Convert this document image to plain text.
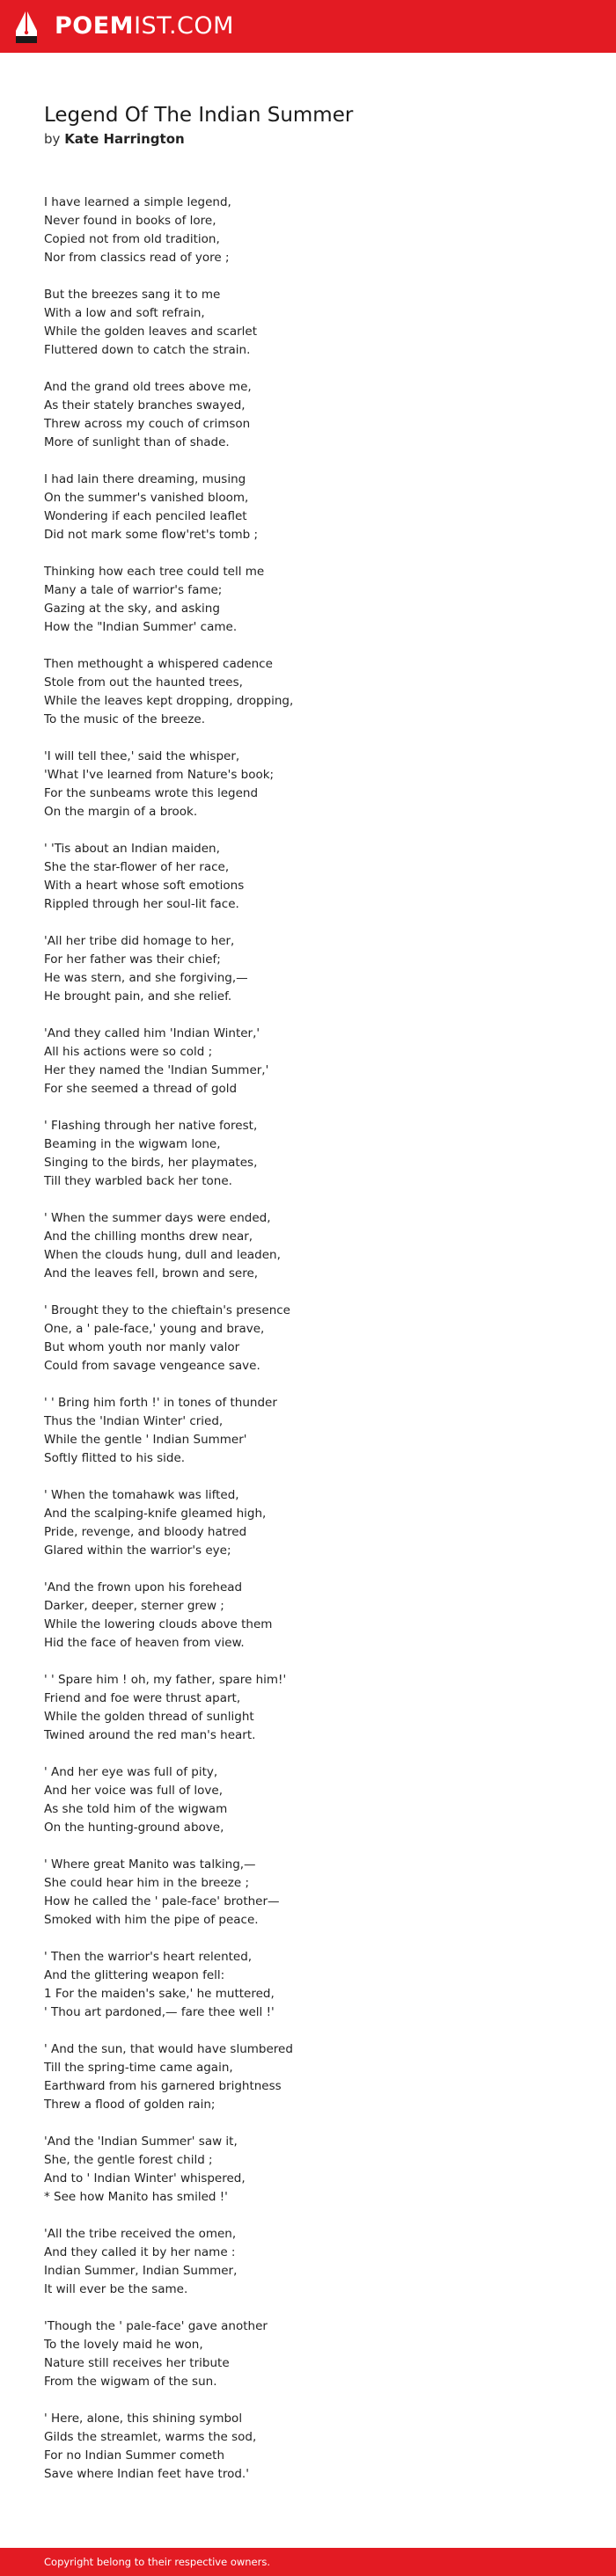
POEMIST.COM
Legend Of The Indian Summer
by Kate Harrington
I have learned a simple legend,
Never found in books of lore,
Copied not from old tradition,
Nor from classics read of yore ;
But the breezes sang it to me
With a low and soft refrain,
While the golden leaves and scarlet
Fluttered down to catch the strain.
And the grand old trees above me,
As their stately branches swayed,
Threw across my couch of crimson
More of sunlight than of shade.
I had lain there dreaming, musing
On the summer's vanished bloom,
Wondering if each penciled leaflet
Did not mark some flow'ret's tomb ;
Thinking how each tree could tell me
Many a tale of warrior's fame;
Gazing at the sky, and asking
How the "Indian Summer' came.
Then methought a whispered cadence
Stole from out the haunted trees,
While the leaves kept dropping, dropping,
To the music of the breeze.
'I will tell thee,' said the whisper,
'What I've learned from Nature's book;
For the sunbeams wrote this legend
On the margin of a brook.
' 'Tis about an Indian maiden,
She the star-flower of her race,
With a heart whose soft emotions
Rippled through her soul-lit face.
'All her tribe did homage to her,
For her father was their chief;
He was stern, and she forgiving,—
He brought pain, and she relief.
'And they called him 'Indian Winter,'
All his actions were so cold ;
Her they named the 'Indian Summer,'
For she seemed a thread of gold
' Flashing through her native forest,
Beaming in the wigwam lone,
Singing to the birds, her playmates,
Till they warbled back her tone.
' When the summer days were ended,
And the chilling months drew near,
When the clouds hung, dull and leaden,
And the leaves fell, brown and sere,
' Brought they to the chieftain's presence
One, a ' pale-face,' young and brave,
But whom youth nor manly valor
Could from savage vengeance save.
' ' Bring him forth !' in tones of thunder
Thus the 'Indian Winter' cried,
While the gentle ' Indian Summer'
Softly flitted to his side.
' When the tomahawk was lifted,
And the scalping-knife gleamed high,
Pride, revenge, and bloody hatred
Glared within the warrior's eye;
'And the frown upon his forehead
Darker, deeper, sterner grew ;
While the lowering clouds above them
Hid the face of heaven from view.
' ' Spare him ! oh, my father, spare him!'
Friend and foe were thrust apart,
While the golden thread of sunlight
Twined around the red man's heart.
' And her eye was full of pity,
And her voice was full of love,
As she told him of the wigwam
On the hunting-ground above,
' Where great Manito was talking,—
She could hear him in the breeze ;
How he called the ' pale-face' brother—
Smoked with him the pipe of peace.
' Then the warrior's heart relented,
And the glittering weapon fell:
1 For the maiden's sake,' he muttered,
' Thou art pardoned,— fare thee well !'
' And the sun, that would have slumbered
Till the spring-time came again,
Earthward from his garnered brightness
Threw a flood of golden rain;
'And the 'Indian Summer' saw it,
She, the gentle forest child ;
And to ' Indian Winter' whispered,
* See how Manito has smiled !'
'All the tribe received the omen,
And they called it by her name :
Indian Summer, Indian Summer,
It will ever be the same.
'Though the ' pale-face' gave another
To the lovely maid he won,
Nature still receives her tribute
From the wigwam of the sun.
' Here, alone, this shining symbol
Gilds the streamlet, warms the sod,
For no Indian Summer cometh
Save where Indian feet have trod.'
Copyright belong to their respective owners.
